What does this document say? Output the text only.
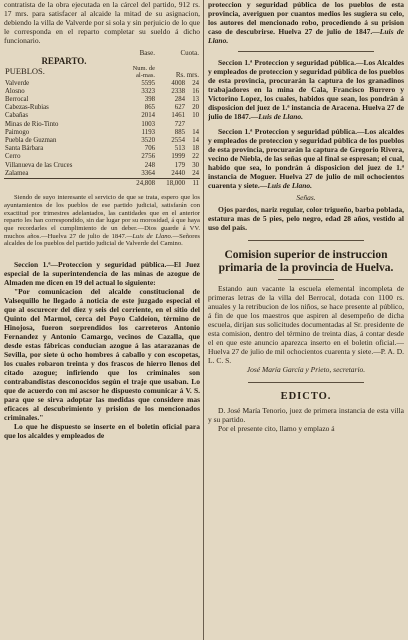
contratista de la obra ejecutada en la cárcel del partido, 912 rs. 17 mrs. para satisfacer al alcaide la mitad de su asignacion, debiendo la villa de Valverde por si sola y sin perjuicio de lo que le corresponda en el reparto completar su sueldo á dicho funcionario.

	Base.	Cuota.	
REPARTO.			
PUEBLOS.	Num. de al-mas.	Rs. mrs.	
Valverde	5595	4008	24
Alosno	3323	2338	16
Berrocal	398	284	13
Cabezas-Rubias	865	627	20
Cabañas	2014	1461	10
Minas de Rio-Tinto	1003	727	
Paimogo	1193	885	14
Puebla de Guzman	3520	2554	14
Santa Bárbara	706	513	18
Cerro	2756	1999	22
Villanueva de las Cruces	248	179	30
Zalamea	3364	2440	24
	24,808	18,000	11

Siendo de suyo interesante el servicio de que se trata, espero que los ayuntamientos de los pueblos de ese partido judicial, satisfarán con exactitud por trimestres adelantados, las cantidades que en el anterior reparto les han correspondido, sin dar lugar por su morosidad, á que haya que recordarles el cumplimiento de un deber.—Dios guarde á VV. muchos años.—Huelva 27 de julio de 1847.—Luis de Llano.—Señores alcaldes de los pueblos del partido judicial de Valverde del Camino.

Seccion 1.ª—Proteccion y seguridad pública.—El Juez especial de la superintendencia de las minas de azogue de Almaden me dicen en 19 del actual lo siguiente:

"Por comunicacion del alcalde constitucional de Valsequillo he llegado á noticia de este juzgado especial el que al oscurecer del diez y seis del corriente, en el sitio del Quinto del Marmol, cerca del Poyo Caldeion, término de Hinojosa, fueron sorprendidos los carreteros Antonio Fernandez y Antonio Camargo, vecinos de Cazalla, que desde estas fábricas conducian azogue á las atarazanas de Sevilla, por siete ú ocho hombres á caballo y con escopetas, los cuales robaron treinta y dos frascos de hierro llenos del citado azogue; infiriendo que los criminales son contrabandistas desconocidos según el traje que usaban. Lo que de acuerdo con mi ascsor he dispuesto comunicar á V. S. para que se sirva adoptar las medidas que considere mas eficaces al descubrimiento y prision de los mencionados criminales."

Lo que he dispuesto se inserte en el boletin oficial para que los alcaldes y empleados de

proteccion y seguridad pública de los pueblos de esta provincia, averiguen por cuantos medios les sugiera su celo, los autores del mencionado robo, procediendo á su prision caso de descubrirse. Huelva 27 de julio de 1847.—Luis de Llano.

Seccion 1.ª Proteccion y seguridad pública.—Los Alcaldes y empleados de proteccion y seguridad pública de los pueblos de esta provincia, procurarán la captura de los granadinos trabajadores en la mina de Cala, Francisco Burrero y Victorino Lopez, los cuales, habidos que sean, los pondrán á disposicion del juez de 1.ª instancia de Aracena. Huelva 27 de julio de 1847.—Luis de Llano.

Seccion 1.ª Proteccion y seguridad pública.—Los alcaldes y empleados de proteccion y seguridad pública de los pueblos de esta provincia, procurarán la captura de Gregorio Rivera, vecino de Niebla, de las señas que al final se espresan; el cual, habido que sea, lo pondrán á disposicion del juez de 1.ª instancia de Moguer. Huelva 27 de julio de mil ochocientos cuarenta y siete.—Luis de Llano.

Señas.

Ojos pardos, nariz regular, color trigueño, barba poblada, estatura mas de 5 pies, pelo negro, edad 28 años, vestido al uso del país.

Comision superior de instruccion primaria de la provincia de Huelva.

Estando aun vacante la escuela elemental incompleta de primeras letras de la villa del Berrocal, dotada con 1100 rs. anuales y la retribucion de los niños, se hace presente al público, á fin de que los maestros que aspiren al desempeño de dicha escuela, dirijan sus solicitudes documentadas al Sr. presidente de esta comision, dentro del término de treinta dias, á contar desde el en que este anuncio aparezca inserto en el boletin oficial.—Huelva 27 de julio de mil ochocientos cuarenta y siete.—P. A. D. L. C. S.

José María García y Prieto, secretario.

EDICTO.

D. José María Tenorio, juez de primera instancia de esta villa y su partido.

Por el presente cito, llamo y emplazo á
